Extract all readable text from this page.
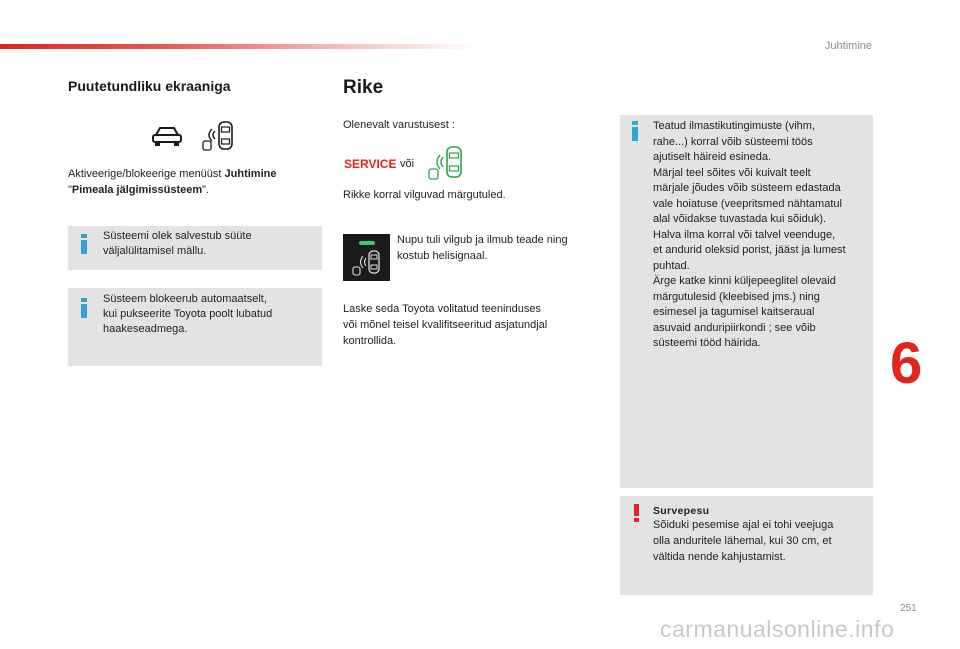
Juhtimine
Puutetundliku ekraaniga
Aktiveerige/blokeerige menüüst Juhtimine
"Pimeala jälgimissüsteem".
Süsteemi olek salvestub süüte
väljalülitamisel mällu.
Süsteem blokeerub automaatselt,
kui pukseerite Toyota poolt lubatud
haakeseadmega.
Rike
Olenevalt varustusest :
SERVICE või
Rikke korral vilguvad märgutuled.
Nupu tuli vilgub ja ilmub teade ning
kostub helisignaal.
Laske seda Toyota volitatud teeninduses
või mõnel teisel kvalifitseeritud asjatundjal
kontrollida.
Teatud ilmastikutingimuste (vihm,
rahe...) korral võib süsteemi töös
ajutiselt häireid esineda.
Märjal teel sõites või kuivalt teelt
märjale jõudes võib süsteem edastada
vale hoiatuse (veepritsmed nähtamatul
alal võidakse tuvastada kui sõiduk).
Halva ilma korral või talvel veenduge,
et andurid oleksid porist, jääst ja lumest
puhtad.
Ärge katke kinni küljepeeglitel olevaid
märgutulesid (kleebised jms.) ning
esimesel ja tagumisel kaitseraual
asuvaid anduripiirkondi ; see võib
süsteemi tööd häirida.
Survepesu
Sõiduki pesemise ajal ei tohi veejuga
olla anduritele lähemal, kui 30 cm, et
vältida nende kahjustamist.
6
251
carmanualsonline.info
